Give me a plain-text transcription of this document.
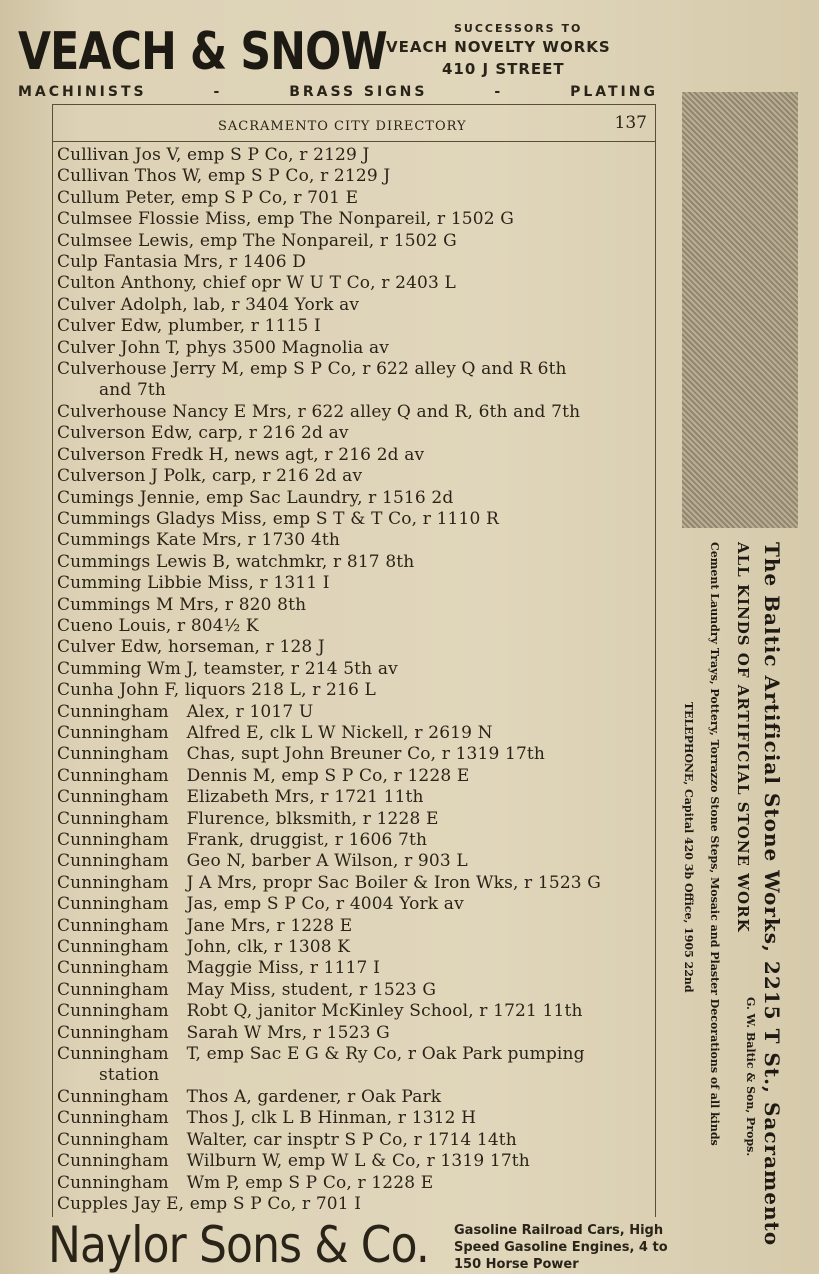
VEACH & SNOW	SUCCESSORS TO
VEACH NOVELTY WORKS
410 J STREET
MACHINISTS	-	BRASS SIGNS	-	PLATING
SACRAMENTO CITY DIRECTORY	137
Cullivan Jos V, emp S P Co, r 2129 J
Cullivan Thos W, emp S P Co, r 2129 J
Cullum Peter, emp S P Co, r 701 E
Culmsee Flossie Miss, emp The Nonpareil, r 1502 G
Culmsee Lewis, emp The Nonpareil, r 1502 G
Culp Fantasia Mrs, r 1406 D
Culton Anthony, chief opr W U T Co, r 2403 L
Culver Adolph, lab, r 3404 York av
Culver Edw, plumber, r 1115 I
Culver John T, phys 3500 Magnolia av
Culverhouse Jerry M, emp S P Co, r 622 alley Q and R 6th
and 7th
Culverhouse Nancy E Mrs, r 622 alley Q and R, 6th and 7th
Culverson Edw, carp, r 216 2d av
Culverson Fredk H, news agt, r 216 2d av
Culverson J Polk, carp, r 216 2d av
Cumings Jennie, emp Sac Laundry, r 1516 2d
Cummings Gladys Miss, emp S T & T Co, r 1110 R
Cummings Kate Mrs, r 1730 4th
Cummings Lewis B, watchmkr, r 817 8th
Cumming Libbie Miss, r 1311 I
Cummings M Mrs, r 820 8th
Cueno Louis, r 804½ K
Culver Edw, horseman, r 128 J
Cumming Wm J, teamster, r 214 5th av
Cunha John F, liquors 218 L, r 216 L
Cunningham Alex, r 1017 U
Cunningham Alfred E, clk L W Nickell, r 2619 N
Cunningham Chas, supt John Breuner Co, r 1319 17th
Cunningham Dennis M, emp S P Co, r 1228 E
Cunningham Elizabeth Mrs, r 1721 11th
Cunningham Flurence, blksmith, r 1228 E
Cunningham Frank, druggist, r 1606 7th
Cunningham Geo N, barber A Wilson, r 903 L
Cunningham J A Mrs, propr Sac Boiler & Iron Wks, r 1523 G
Cunningham Jas, emp S P Co, r 4004 York av
Cunningham Jane Mrs, r 1228 E
Cunningham John, clk, r 1308 K
Cunningham Maggie Miss, r 1117 I
Cunningham May Miss, student, r 1523 G
Cunningham Robt Q, janitor McKinley School, r 1721 11th
Cunningham Sarah W Mrs, r 1523 G
Cunningham T, emp Sac E G & Ry Co, r Oak Park pumping
station
Cunningham Thos A, gardener, r Oak Park
Cunningham Thos J, clk L B Hinman, r 1312 H
Cunningham Walter, car insptr S P Co, r 1714 14th
Cunningham Wilburn W, emp W L & Co, r 1319 17th
Cunningham Wm P, emp S P Co, r 1228 E
Cupples Jay E, emp S P Co, r 701 I	The Baltic Artificial Stone Works, 2215 T St., Sacramento
ALL KINDS OF ARTIFICIAL STONE WORK
Cement Laundry Trays, Pottery, Torrazzo Stone Steps, Mosaic and Plaster Decorations of all kinds
TELEPHONE, Capital 420 3b Office, 1905 22nd
G. W. Baltic & Son, Props.
Naylor Sons & Co. Gasoline Railroad Cars, High
Speed Gasoline Engines, 4 to
150 Horse Power
